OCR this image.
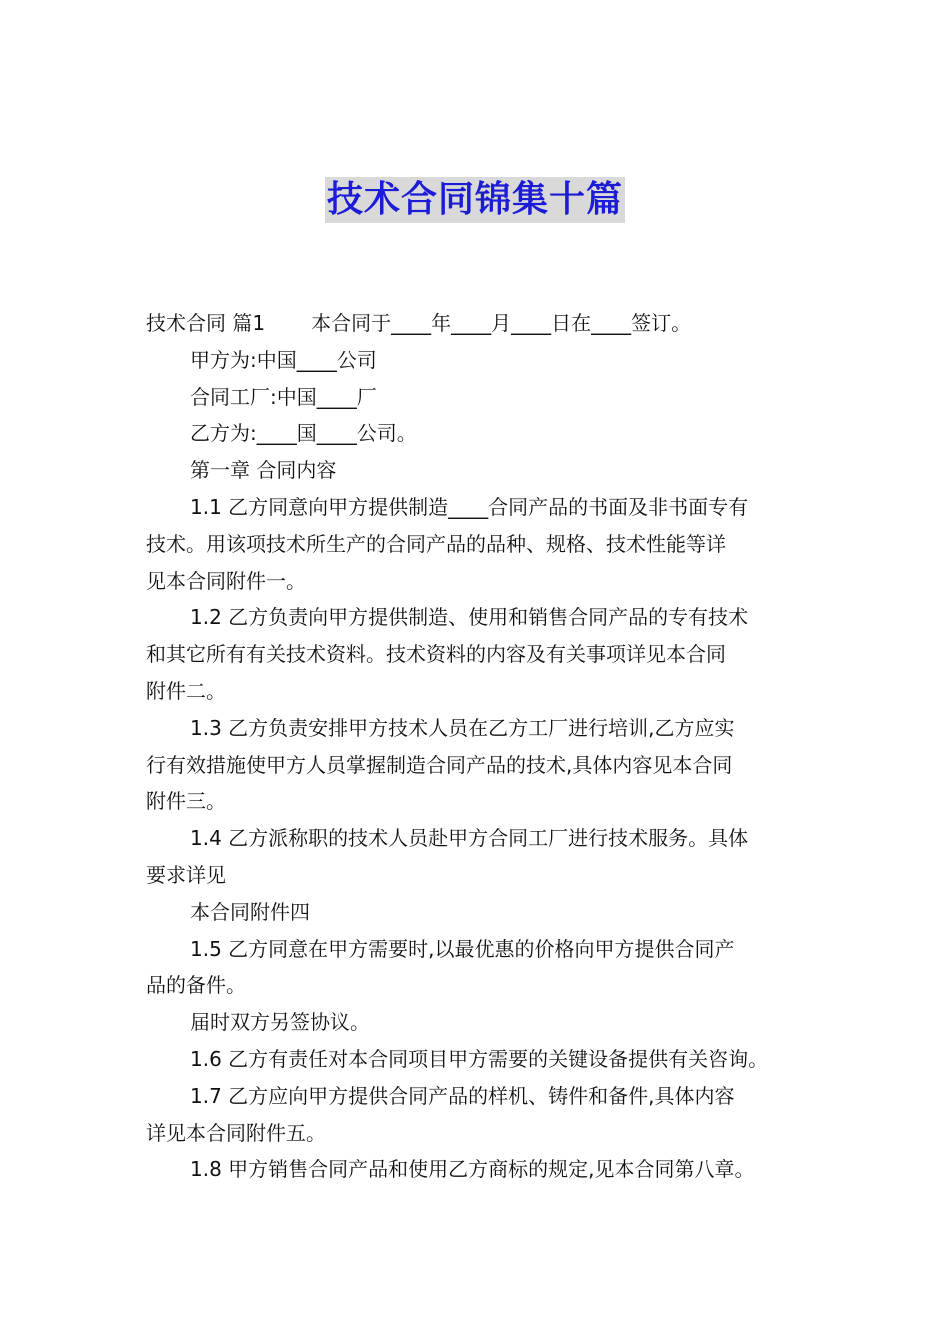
技术合同锦集十篇
技术合同 篇1 本合同于____年____月____日在____签订。
甲方为:中国____公司
合同工厂:中国____厂
乙方为:____国____公司。
第一章 合同内容
1.1 乙方同意向甲方提供制造____合同产品的书面及非书面专有
技术。用该项技术所生产的合同产品的品种、规格、技术性能等详
见本合同附件一。
1.2 乙方负责向甲方提供制造、使用和销售合同产品的专有技术
和其它所有有关技术资料。技术资料的内容及有关事项详见本合同
附件二。
1.3 乙方负责安排甲方技术人员在乙方工厂进行培训,乙方应实
行有效措施使甲方人员掌握制造合同产品的技术,具体内容见本合同
附件三。
1.4 乙方派称职的技术人员赴甲方合同工厂进行技术服务。具体
要求详见
本合同附件四
1.5 乙方同意在甲方需要时,以最优惠的价格向甲方提供合同产
品的备件。
届时双方另签协议。
1.6 乙方有责任对本合同项目甲方需要的关键设备提供有关咨询。
1.7 乙方应向甲方提供合同产品的样机、铸件和备件,具体内容
详见本合同附件五。
1.8 甲方销售合同产品和使用乙方商标的规定,见本合同第八章。
